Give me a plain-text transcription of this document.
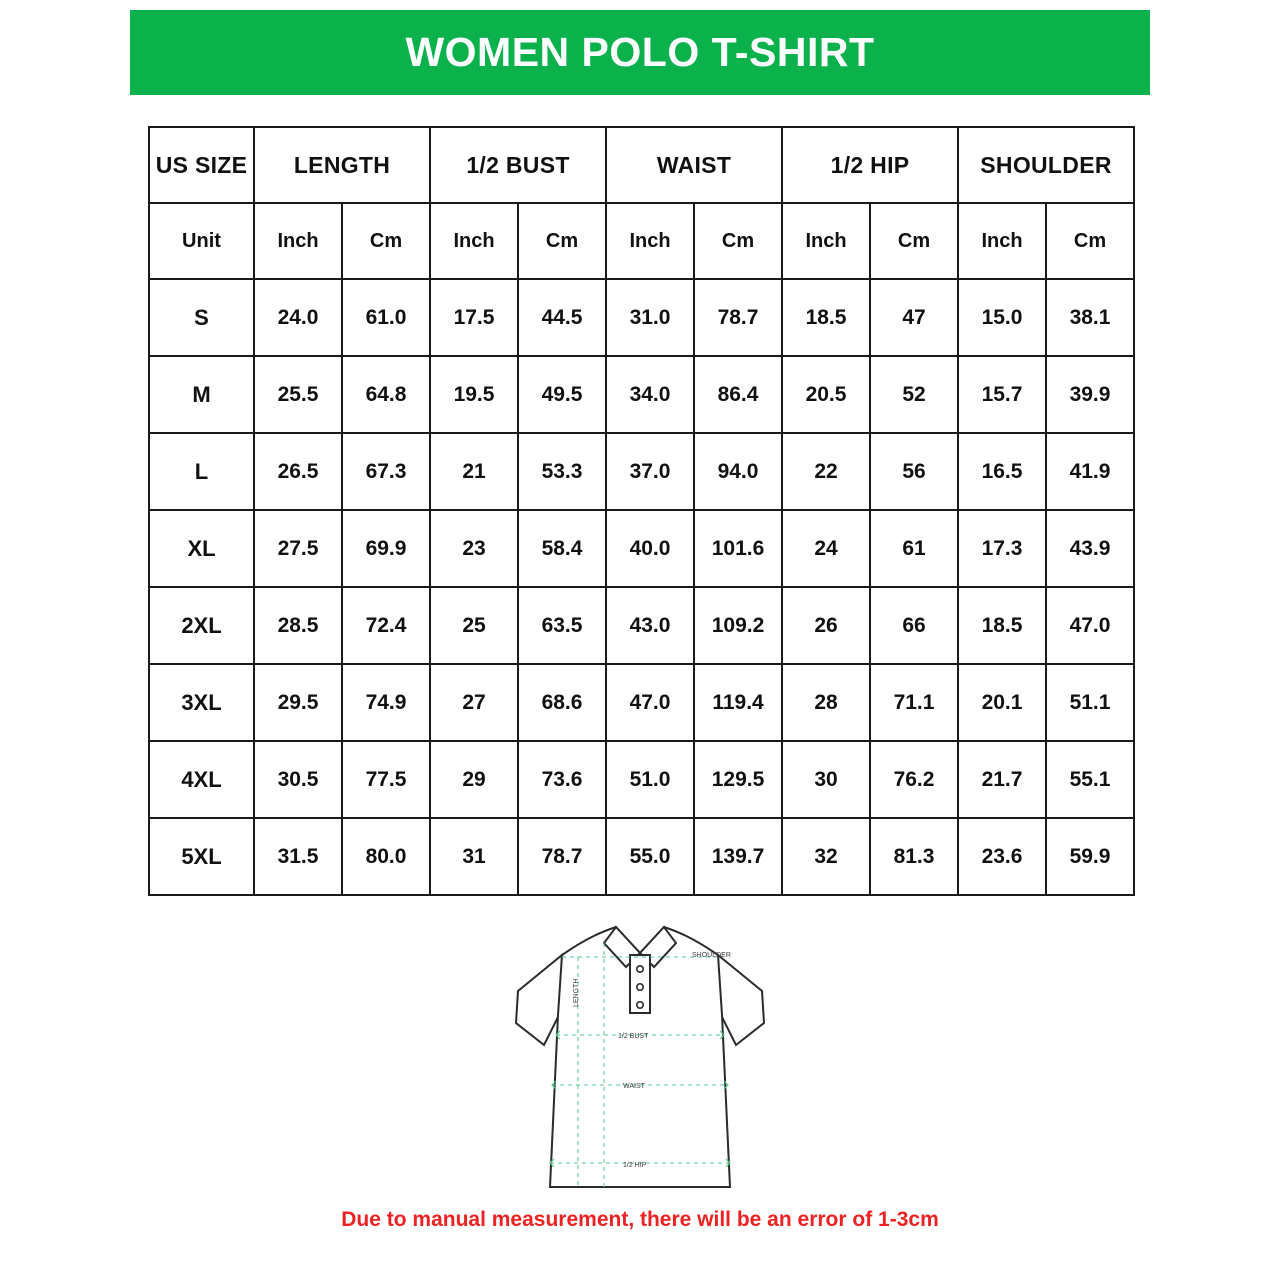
WOMEN POLO T-SHIRT
US SIZE	LENGTH		1/2 BUST		WAIST		1/2 HIP		SHOULDER	
Unit	Inch	Cm	Inch	Cm	Inch	Cm	Inch	Cm	Inch	Cm
S	24.0	61.0	17.5	44.5	31.0	78.7	18.5	47	15.0	38.1
M	25.5	64.8	19.5	49.5	34.0	86.4	20.5	52	15.7	39.9
L	26.5	67.3	21	53.3	37.0	94.0	22	56	16.5	41.9
XL	27.5	69.9	23	58.4	40.0	101.6	24	61	17.3	43.9
2XL	28.5	72.4	25	63.5	43.0	109.2	26	66	18.5	47.0
3XL	29.5	74.9	27	68.6	47.0	119.4	28	71.1	20.1	51.1
4XL	30.5	77.5	29	73.6	51.0	129.5	30	76.2	21.7	55.1
5XL	31.5	80.0	31	78.7	55.0	139.7	32	81.3	23.6	59.9
SHOULDER
LENGTH
1/2 BUST
WAIST
1/2 HIP
Due to manual measurement, there will be an error of 1-3cm
